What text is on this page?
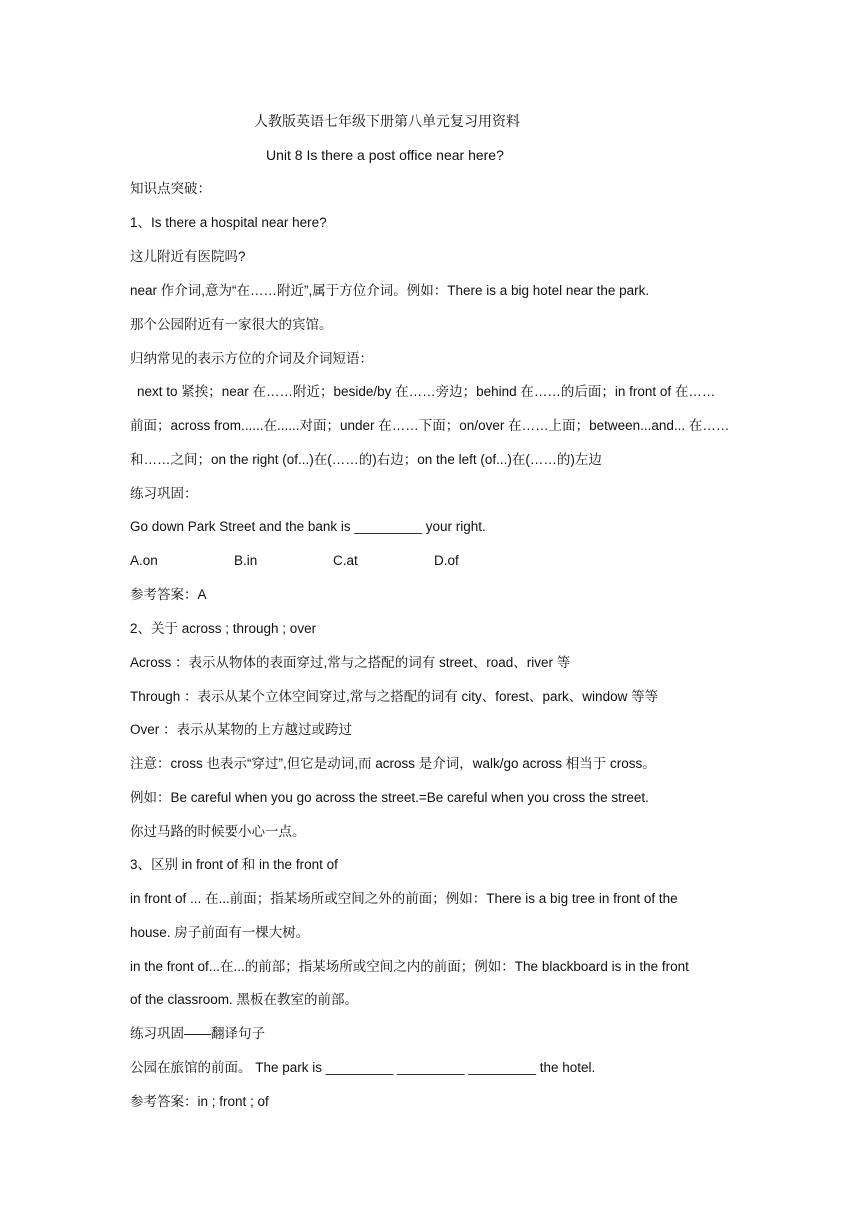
人教版英语七年级下册第八单元复习用资料
Unit 8 Is there a post office near here?
知识点突破：
1、Is there a hospital near here?
这儿附近有医院吗?
near 作介词,意为“在……附近”,属于方位介词。例如：There is a big hotel near the park.
那个公园附近有一家很大的宾馆。
归纳常见的表示方位的介词及介词短语：
next to 紧挨；near 在……附近；beside/by 在……旁边；behind 在……的后面；in front of 在……
前面；across from......在......对面；under 在……下面；on/over 在……上面；between...and... 在……
和……之间；on the right (of...)在(……的)右边；on the left (of...)在(……的)左边
练习巩固：
Go down Park Street and the bank is _________ your right.
A.on	B.in	C.at	D.of
参考答案：A
2、关于 across ; through ; over
Across ：表示从物体的表面穿过,常与之搭配的词有 street、road、river 等
Through ：表示从某个立体空间穿过,常与之搭配的词有 city、forest、park、window 等等
Over ：表示从某物的上方越过或跨过
注意：cross 也表示“穿过”,但它是动词,而 across 是介词，walk/go across 相当于 cross。
例如：Be careful when you go across the street.=Be careful when you cross the street.
你过马路的时候要小心一点。
3、区别 in front of 和 in the front of
in front of ... 在...前面；指某场所或空间之外的前面；例如：There is a big tree in front of the
house. 房子前面有一棵大树。
in the front of...在...的前部；指某场所或空间之内的前面；例如：The blackboard is in the front
of the classroom. 黑板在教室的前部。
练习巩固——翻译句子
公园在旅馆的前面。 The park is _________ _________ _________ the hotel.
参考答案：in ; front ; of
